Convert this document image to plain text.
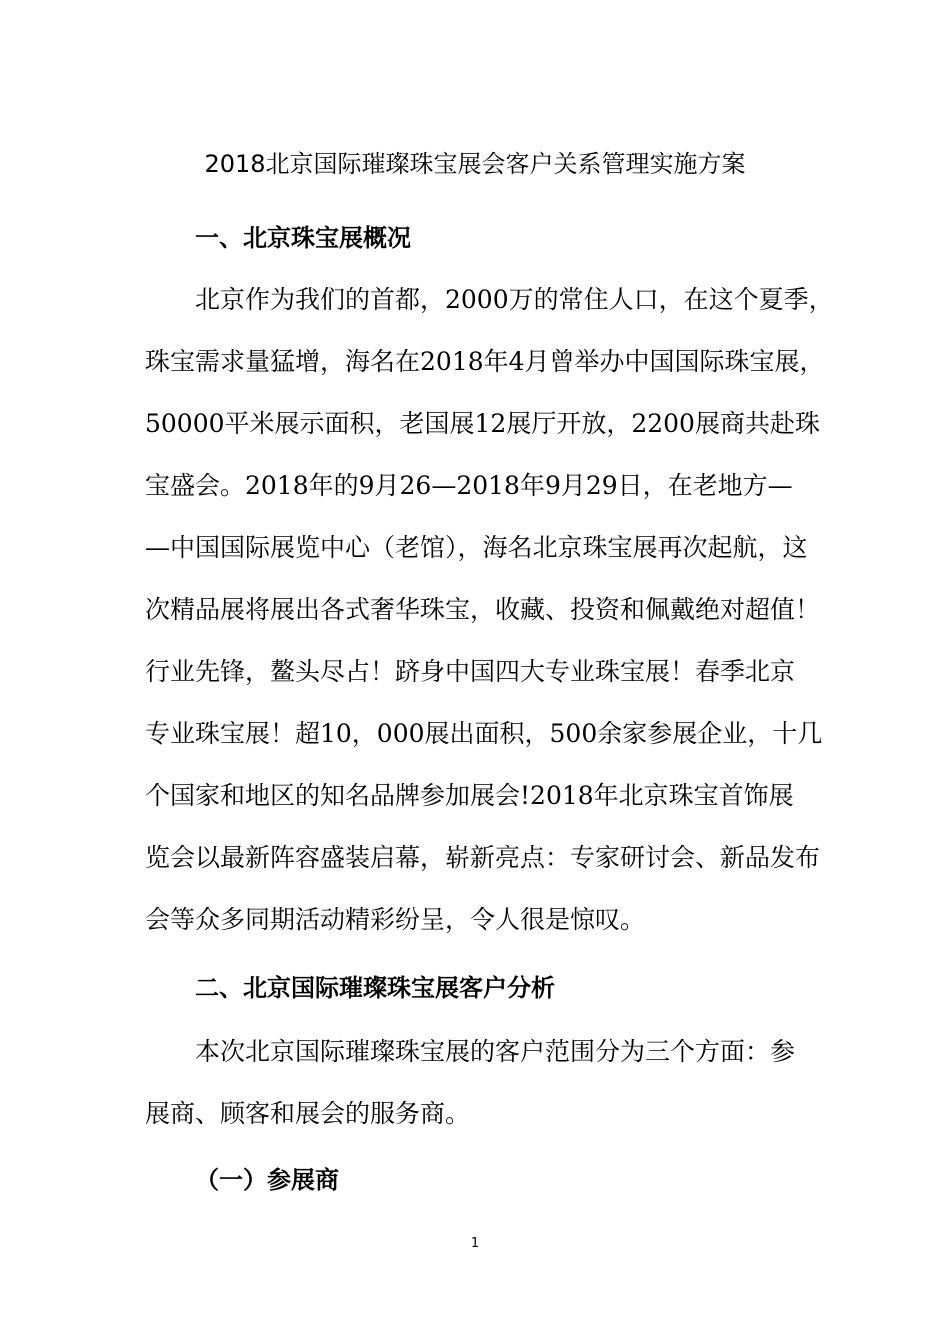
2018北京国际璀璨珠宝展会客户关系管理实施方案
一、北京珠宝展概况
北京作为我们的首都，2000万的常住人口，在这个夏季，
珠宝需求量猛增，海名在2018年4月曾举办中国国际珠宝展，
50000平米展示面积，老国展12展厅开放，2200展商共赴珠
宝盛会。2018年的9月26—2018年9月29日，在老地方—
—中国国际展览中心（老馆），海名北京珠宝展再次起航，这
次精品展将展出各式奢华珠宝，收藏、投资和佩戴绝对超值！
行业先锋，鳌头尽占！跻身中国四大专业珠宝展！春季北京
专业珠宝展！超10，000展出面积，500余家参展企业，十几
个国家和地区的知名品牌参加展会!2018年北京珠宝首饰展
览会以最新阵容盛装启幕，崭新亮点：专家研讨会、新品发布
会等众多同期活动精彩纷呈，令人很是惊叹。
二、北京国际璀璨珠宝展客户分析
本次北京国际璀璨珠宝展的客户范围分为三个方面：参
展商、顾客和展会的服务商。
（一）参展商
1
